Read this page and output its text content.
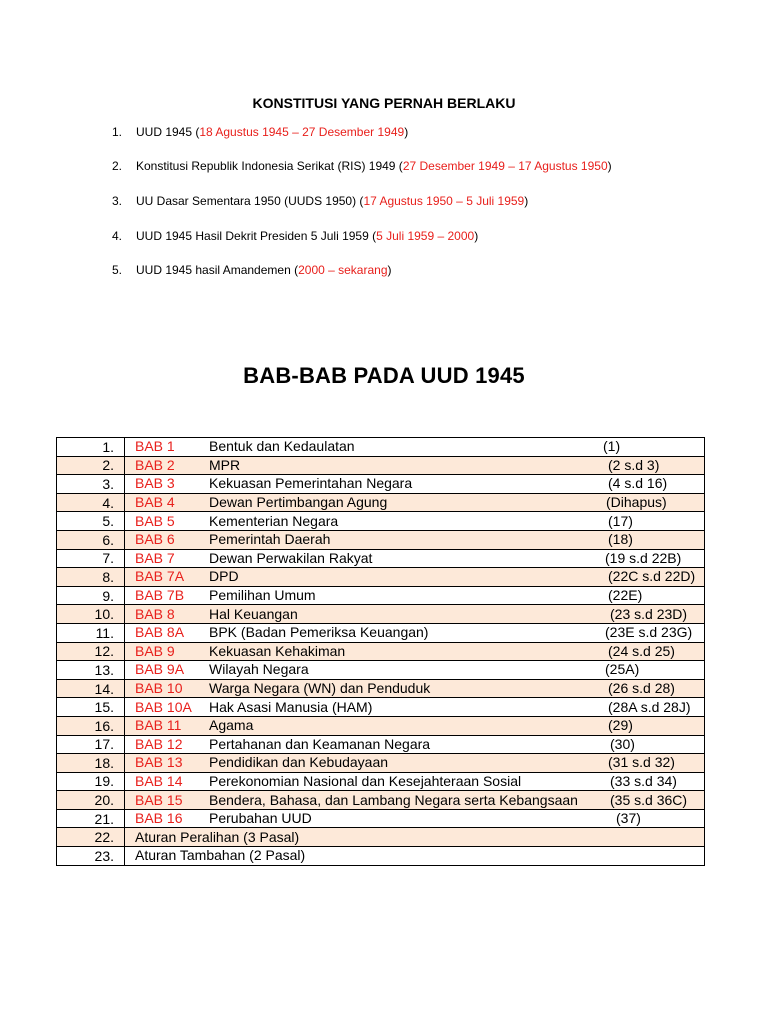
KONSTITUSI YANG PERNAH BERLAKU
1. UUD 1945 (18 Agustus 1945 – 27 Desember 1949)
2. Konstitusi Republik Indonesia Serikat (RIS) 1949 (27 Desember 1949 – 17 Agustus 1950)
3. UU Dasar Sementara 1950 (UUDS 1950) (17 Agustus 1950 – 5 Juli 1959)
4. UUD 1945 Hasil Dekrit Presiden 5 Juli 1959 (5 Juli 1959 – 2000)
5. UUD 1945 hasil Amandemen (2000 – sekarang)
BAB-BAB PADA UUD 1945
1.	BAB 1 Bentuk dan Kedaulatan (1)

2.	BAB 2 MPR (2 s.d 3)

3.	BAB 3 Kekuasan Pemerintahan Negara (4 s.d 16)

4.	BAB 4 Dewan Pertimbangan Agung (Dihapus)

5.	BAB 5 Kementerian Negara (17)

6.	BAB 6 Pemerintah Daerah (18)

7.	BAB 7 Dewan Perwakilan Rakyat (19 s.d 22B)

8.	BAB 7A DPD (22C s.d 22D)

9.	BAB 7B Pemilihan Umum (22E)

10.	BAB 8 Hal Keuangan (23 s.d 23D)

11.	BAB 8A BPK (Badan Pemeriksa Keuangan) (23E s.d 23G)

12.	BAB 9 Kekuasan Kehakiman (24 s.d 25)

13.	BAB 9A Wilayah Negara (25A)

14.	BAB 10 Warga Negara (WN) dan Penduduk (26 s.d 28)

15.	BAB 10A Hak Asasi Manusia (HAM) (28A s.d 28J)

16.	BAB 11 Agama (29)

17.	BAB 12 Pertahanan dan Keamanan Negara (30)

18.	BAB 13 Pendidikan dan Kebudayaan (31 s.d 32)

19.	BAB 14 Perekonomian Nasional dan Kesejahteraan Sosial (33 s.d 34)

20.	BAB 15 Bendera, Bahasa, dan Lambang Negara serta Kebangsaan (35 s.d 36C)

21.	BAB 16 Perubahan UUD (37)

22.	Aturan Peralihan (3 Pasal)

23.	Aturan Tambahan (2 Pasal)
